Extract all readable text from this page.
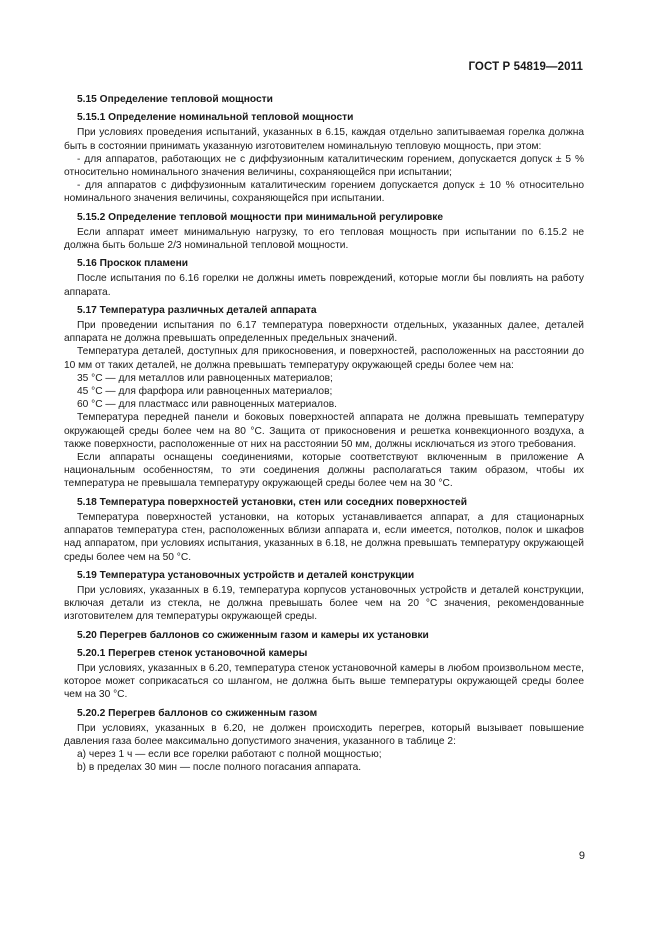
ГОСТ Р 54819—2011
5.15 Определение тепловой мощности
5.15.1 Определение номинальной тепловой мощности
При условиях проведения испытаний, указанных в 6.15, каждая отдельно запитываемая горелка должна быть в состоянии принимать указанную изготовителем номинальную тепловую мощность, при этом:
- для аппаратов, работающих не с диффузионным каталитическим горением, допускается допуск ± 5 % относительно номинального значения величины, сохраняющейся при испытании;
- для аппаратов с диффузионным каталитическим горением допускается допуск ± 10 % относительно номинального значения величины, сохраняющейся при испытании.
5.15.2 Определение тепловой мощности при минимальной регулировке
Если аппарат имеет минимальную нагрузку, то его тепловая мощность при испытании по 6.15.2 не должна быть больше 2/3 номинальной тепловой мощности.
5.16 Проскок пламени
После испытания по 6.16 горелки не должны иметь повреждений, которые могли бы повлиять на работу аппарата.
5.17 Температура различных деталей аппарата
При проведении испытания по 6.17 температура поверхности отдельных, указанных далее, деталей аппарата не должна превышать определенных предельных значений.
Температура деталей, доступных для прикосновения, и поверхностей, расположенных на расстоянии до 10 мм от таких деталей, не должна превышать температуру окружающей среды более чем на:
35 °С — для металлов или равноценных материалов;
45 °С — для фарфора или равноценных материалов;
60 °С — для пластмасс или равноценных материалов.
Температура передней панели и боковых поверхностей аппарата не должна превышать температуру окружающей среды более чем на 80 °С. Защита от прикосновения и решетка конвекционного воздуха, а также поверхности, расположенные от них на расстоянии 50 мм, должны исключаться из этого требования.
Если аппараты оснащены соединениями, которые соответствуют включенным в приложение А национальным особенностям, то эти соединения должны располагаться таким образом, чтобы их температура не превышала температуру окружающей среды более чем на 30 °С.
5.18 Температура поверхностей установки, стен или соседних поверхностей
Температура поверхностей установки, на которых устанавливается аппарат, а для стационарных аппаратов температура стен, расположенных вблизи аппарата и, если имеется, потолков, полок и шкафов над аппаратом, при условиях испытания, указанных в 6.18, не должна превышать температуру окружающей среды более чем на 50 °С.
5.19 Температура установочных устройств и деталей конструкции
При условиях, указанных в 6.19, температура корпусов установочных устройств и деталей конструкции, включая детали из стекла, не должна превышать более чем на 20 °С значения, рекомендованные изготовителем для температуры окружающей среды.
5.20 Перегрев баллонов со сжиженным газом и камеры их установки
5.20.1 Перегрев стенок установочной камеры
При условиях, указанных в 6.20, температура стенок установочной камеры в любом произвольном месте, которое может соприкасаться со шлангом, не должна быть выше температуры окружающей среды более чем на 30 °С.
5.20.2 Перегрев баллонов со сжиженным газом
При условиях, указанных в 6.20, не должен происходить перегрев, который вызывает повышение давления газа более максимально допустимого значения, указанного в таблице 2:
a) через 1 ч — если все горелки работают с полной мощностью;
b) в пределах 30 мин — после полного погасания аппарата.
9
